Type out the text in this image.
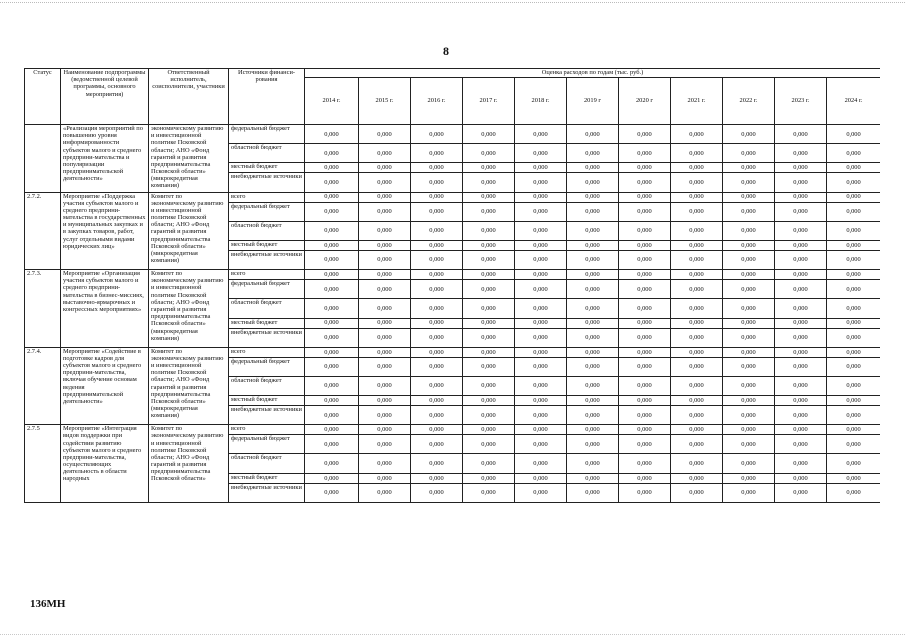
8
Статус	Наименование подпрограммы (ведомственной целевой программы, основного мероприятия)	Ответственный исполнитель, соисполнители, участники	Источники финанси-рования	Оценка расходов по годам (тыс. руб.)										
				2014 г.	2015 г.	2016 г.	2017 г.	2018 г.	2019 г	2020 г	2021 г.	2022 г.	2023 г.	2024 г.
	«Реализация мероприятий по повышению уровня информированности субъектов малого и среднего предприни-мательства и популяризации предпринимательской деятельности»	экономическому развитию и инвестиционной политике Псковской области; АНО «Фонд гарантий и развития предпринимательства Псковской области» (микрокредитная компания)	федеральный бюджет	0,000	0,000	0,000	0,000	0,000	0,000	0,000	0,000	0,000	0,000	0,000
			областной бюджет	0,000	0,000	0,000	0,000	0,000	0,000	0,000	0,000	0,000	0,000	0,000
			местный бюджет	0,000	0,000	0,000	0,000	0,000	0,000	0,000	0,000	0,000	0,000	0,000
			внебюджетные источники	0,000	0,000	0,000	0,000	0,000	0,000	0,000	0,000	0,000	0,000	0,000
2.7.2.	Мероприятие «Поддержка участия субъектов малого и среднего предприни-мательства в государственных и муниципальных закупках и в закупках товаров, работ, услуг отдельными видами юридических лиц»	Комитет по экономическому развитию и инвестиционной политике Псковской области; АНО «Фонд гарантий и развития предпринимательства Псковской области» (микрокредитная компания)	всего	0,000	0,000	0,000	0,000	0,000	0,000	0,000	0,000	0,000	0,000	0,000
			федеральный бюджет	0,000	0,000	0,000	0,000	0,000	0,000	0,000	0,000	0,000	0,000	0,000
			областной бюджет	0,000	0,000	0,000	0,000	0,000	0,000	0,000	0,000	0,000	0,000	0,000
			местный бюджет	0,000	0,000	0,000	0,000	0,000	0,000	0,000	0,000	0,000	0,000	0,000
			внебюджетные источники	0,000	0,000	0,000	0,000	0,000	0,000	0,000	0,000	0,000	0,000	0,000
2.7.3.	Мероприятие «Организация участия субъектов малого и среднего предприни-мательства в бизнес-миссиях, выставочно-ярмарочных и конгрессных мероприятиях»	Комитет по экономическому развитию и инвестиционной политике Псковской области; АНО «Фонд гарантий и развития предпринимательства Псковской области» (микрокредитная компания)	всего	0,000	0,000	0,000	0,000	0,000	0,000	0,000	0,000	0,000	0,000	0,000
			федеральный бюджет	0,000	0,000	0,000	0,000	0,000	0,000	0,000	0,000	0,000	0,000	0,000
			областной бюджет	0,000	0,000	0,000	0,000	0,000	0,000	0,000	0,000	0,000	0,000	0,000
			местный бюджет	0,000	0,000	0,000	0,000	0,000	0,000	0,000	0,000	0,000	0,000	0,000
			внебюджетные источники	0,000	0,000	0,000	0,000	0,000	0,000	0,000	0,000	0,000	0,000	0,000
2.7.4.	Мероприятие «Содействие в подготовке кадров для субъектов малого и среднего предприни-мательства, включая обучение основам ведения предпринимательской деятельности»	Комитет по экономическому развитию и инвестиционной политике Псковской области; АНО «Фонд гарантий и развития предпринимательства Псковской области» (микрокредитная компания)	всего	0,000	0,000	0,000	0,000	0,000	0,000	0,000	0,000	0,000	0,000	0,000
			федеральный бюджет	0,000	0,000	0,000	0,000	0,000	0,000	0,000	0,000	0,000	0,000	0,000
			областной бюджет	0,000	0,000	0,000	0,000	0,000	0,000	0,000	0,000	0,000	0,000	0,000
			местный бюджет	0,000	0,000	0,000	0,000	0,000	0,000	0,000	0,000	0,000	0,000	0,000
			внебюджетные источники	0,000	0,000	0,000	0,000	0,000	0,000	0,000	0,000	0,000	0,000	0,000
2.7.5	Мероприятие «Интеграция видов поддержки при содействии развитию субъектов малого и среднего предприни-мательства, осуществляющих деятельность в области народных	Комитет по экономическому развитию и инвестиционной политике Псковской области; АНО «Фонд гарантий и развития предпринимательства Псковской области»	всего	0,000	0,000	0,000	0,000	0,000	0,000	0,000	0,000	0,000	0,000	0,000
			федеральный бюджет	0,000	0,000	0,000	0,000	0,000	0,000	0,000	0,000	0,000	0,000	0,000
			областной бюджет	0,000	0,000	0,000	0,000	0,000	0,000	0,000	0,000	0,000	0,000	0,000
			местный бюджет	0,000	0,000	0,000	0,000	0,000	0,000	0,000	0,000	0,000	0,000	0,000
			внебюджетные источники	0,000	0,000	0,000	0,000	0,000	0,000	0,000	0,000	0,000	0,000	0,000
136МН
